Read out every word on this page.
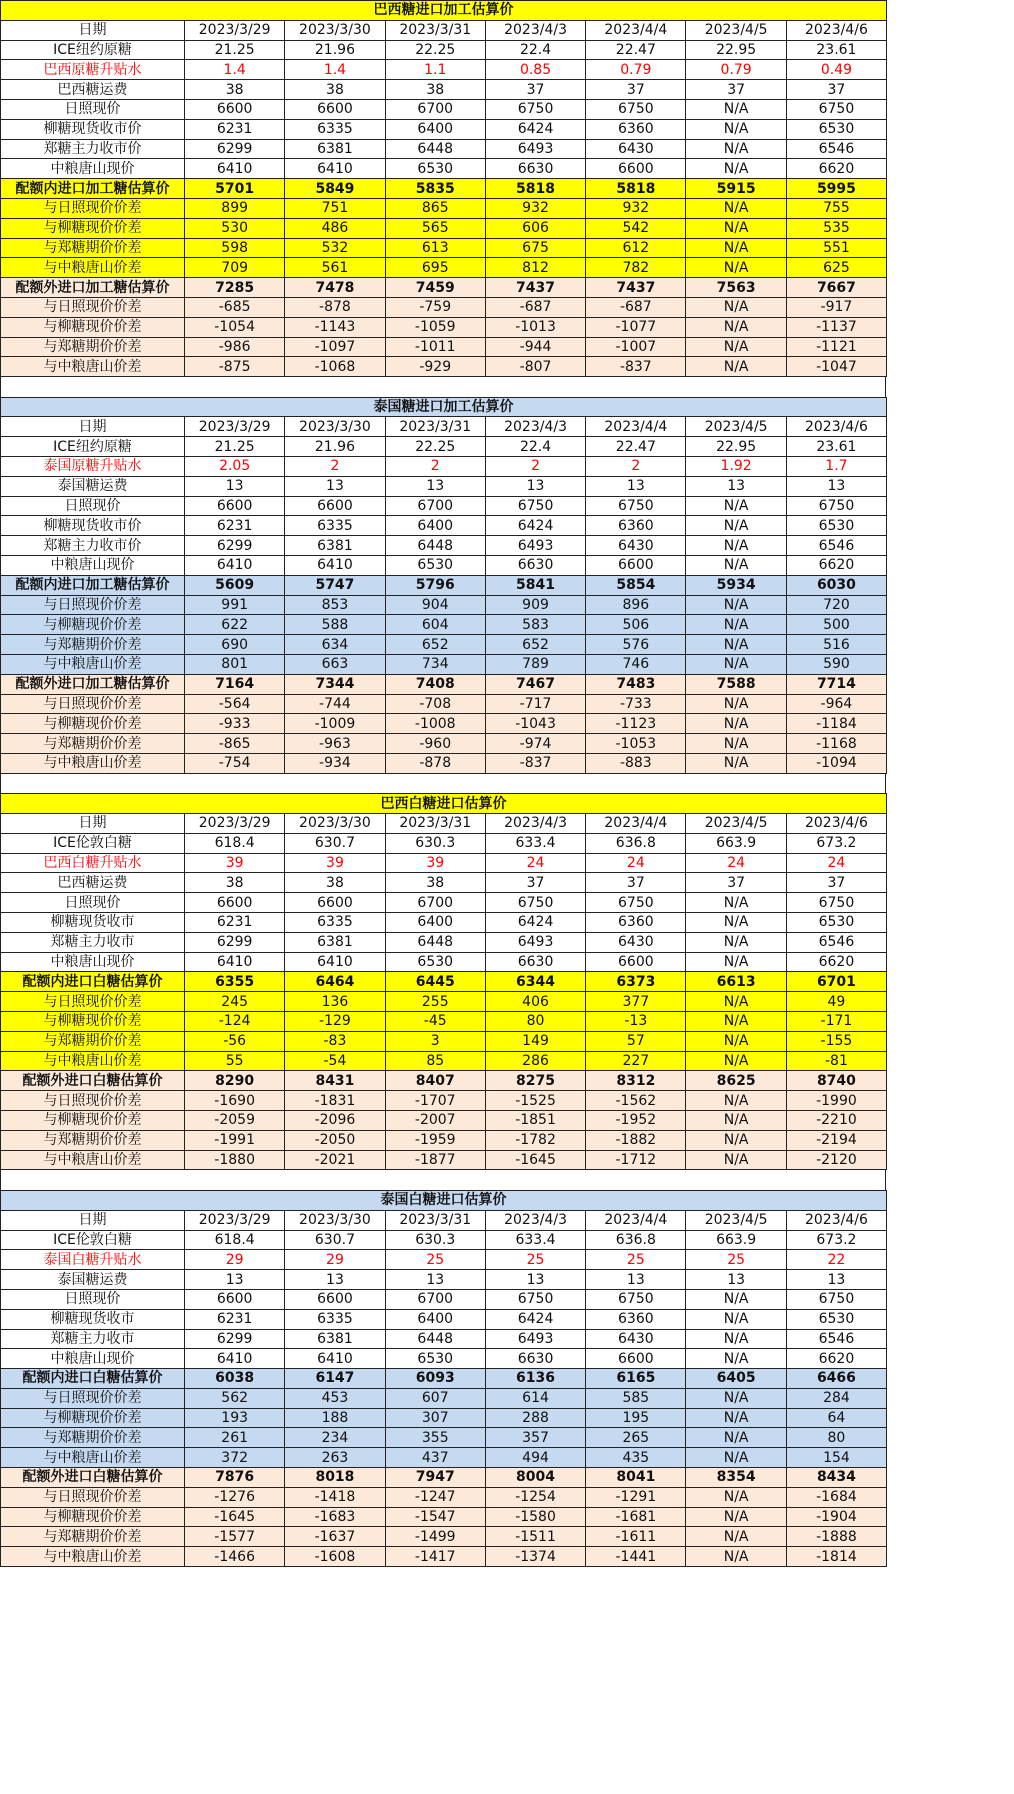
巴西糖进口加工估算价							
日期	2023/3/29	2023/3/30	2023/3/31	2023/4/3	2023/4/4	2023/4/5	2023/4/6
ICE纽约原糖	21.25	21.96	22.25	22.4	22.47	22.95	23.61
巴西原糖升贴水	1.4	1.4	1.1	0.85	0.79	0.79	0.49
巴西糖运费	38	38	38	37	37	37	37
日照现价	6600	6600	6700	6750	6750	N/A	6750
柳糖现货收市价	6231	6335	6400	6424	6360	N/A	6530
郑糖主力收市价	6299	6381	6448	6493	6430	N/A	6546
中粮唐山现价	6410	6410	6530	6630	6600	N/A	6620
配额内进口加工糖估算价	5701	5849	5835	5818	5818	5915	5995
与日照现价价差	899	751	865	932	932	N/A	755
与柳糖现价价差	530	486	565	606	542	N/A	535
与郑糖期价价差	598	532	613	675	612	N/A	551
与中粮唐山价差	709	561	695	812	782	N/A	625
配额外进口加工糖估算价	7285	7478	7459	7437	7437	7563	7667
与日照现价价差	-685	-878	-759	-687	-687	N/A	-917
与柳糖现价价差	-1054	-1143	-1059	-1013	-1077	N/A	-1137
与郑糖期价价差	-986	-1097	-1011	-944	-1007	N/A	-1121
与中粮唐山价差	-875	-1068	-929	-807	-837	N/A	-1047
泰国糖进口加工估算价							
日期	2023/3/29	2023/3/30	2023/3/31	2023/4/3	2023/4/4	2023/4/5	2023/4/6
ICE纽约原糖	21.25	21.96	22.25	22.4	22.47	22.95	23.61
泰国原糖升贴水	2.05	2	2	2	2	1.92	1.7
泰国糖运费	13	13	13	13	13	13	13
日照现价	6600	6600	6700	6750	6750	N/A	6750
柳糖现货收市价	6231	6335	6400	6424	6360	N/A	6530
郑糖主力收市价	6299	6381	6448	6493	6430	N/A	6546
中粮唐山现价	6410	6410	6530	6630	6600	N/A	6620
配额内进口加工糖估算价	5609	5747	5796	5841	5854	5934	6030
与日照现价价差	991	853	904	909	896	N/A	720
与柳糖现价价差	622	588	604	583	506	N/A	500
与郑糖期价价差	690	634	652	652	576	N/A	516
与中粮唐山价差	801	663	734	789	746	N/A	590
配额外进口加工糖估算价	7164	7344	7408	7467	7483	7588	7714
与日照现价价差	-564	-744	-708	-717	-733	N/A	-964
与柳糖现价价差	-933	-1009	-1008	-1043	-1123	N/A	-1184
与郑糖期价价差	-865	-963	-960	-974	-1053	N/A	-1168
与中粮唐山价差	-754	-934	-878	-837	-883	N/A	-1094
巴西白糖进口估算价							
日期	2023/3/29	2023/3/30	2023/3/31	2023/4/3	2023/4/4	2023/4/5	2023/4/6
ICE伦敦白糖	618.4	630.7	630.3	633.4	636.8	663.9	673.2
巴西白糖升贴水	39	39	39	24	24	24	24
巴西糖运费	38	38	38	37	37	37	37
日照现价	6600	6600	6700	6750	6750	N/A	6750
柳糖现货收市	6231	6335	6400	6424	6360	N/A	6530
郑糖主力收市	6299	6381	6448	6493	6430	N/A	6546
中粮唐山现价	6410	6410	6530	6630	6600	N/A	6620
配额内进口白糖估算价	6355	6464	6445	6344	6373	6613	6701
与日照现价价差	245	136	255	406	377	N/A	49
与柳糖现价价差	-124	-129	-45	80	-13	N/A	-171
与郑糖期价价差	-56	-83	3	149	57	N/A	-155
与中粮唐山价差	55	-54	85	286	227	N/A	-81
配额外进口白糖估算价	8290	8431	8407	8275	8312	8625	8740
与日照现价价差	-1690	-1831	-1707	-1525	-1562	N/A	-1990
与柳糖现价价差	-2059	-2096	-2007	-1851	-1952	N/A	-2210
与郑糖期价价差	-1991	-2050	-1959	-1782	-1882	N/A	-2194
与中粮唐山价差	-1880	-2021	-1877	-1645	-1712	N/A	-2120
泰国白糖进口估算价							
日期	2023/3/29	2023/3/30	2023/3/31	2023/4/3	2023/4/4	2023/4/5	2023/4/6
ICE伦敦白糖	618.4	630.7	630.3	633.4	636.8	663.9	673.2
泰国白糖升贴水	29	29	25	25	25	25	22
泰国糖运费	13	13	13	13	13	13	13
日照现价	6600	6600	6700	6750	6750	N/A	6750
柳糖现货收市	6231	6335	6400	6424	6360	N/A	6530
郑糖主力收市	6299	6381	6448	6493	6430	N/A	6546
中粮唐山现价	6410	6410	6530	6630	6600	N/A	6620
配额内进口白糖估算价	6038	6147	6093	6136	6165	6405	6466
与日照现价价差	562	453	607	614	585	N/A	284
与柳糖现价价差	193	188	307	288	195	N/A	64
与郑糖期价价差	261	234	355	357	265	N/A	80
与中粮唐山价差	372	263	437	494	435	N/A	154
配额外进口白糖估算价	7876	8018	7947	8004	8041	8354	8434
与日照现价价差	-1276	-1418	-1247	-1254	-1291	N/A	-1684
与柳糖现价价差	-1645	-1683	-1547	-1580	-1681	N/A	-1904
与郑糖期价价差	-1577	-1637	-1499	-1511	-1611	N/A	-1888
与中粮唐山价差	-1466	-1608	-1417	-1374	-1441	N/A	-1814
